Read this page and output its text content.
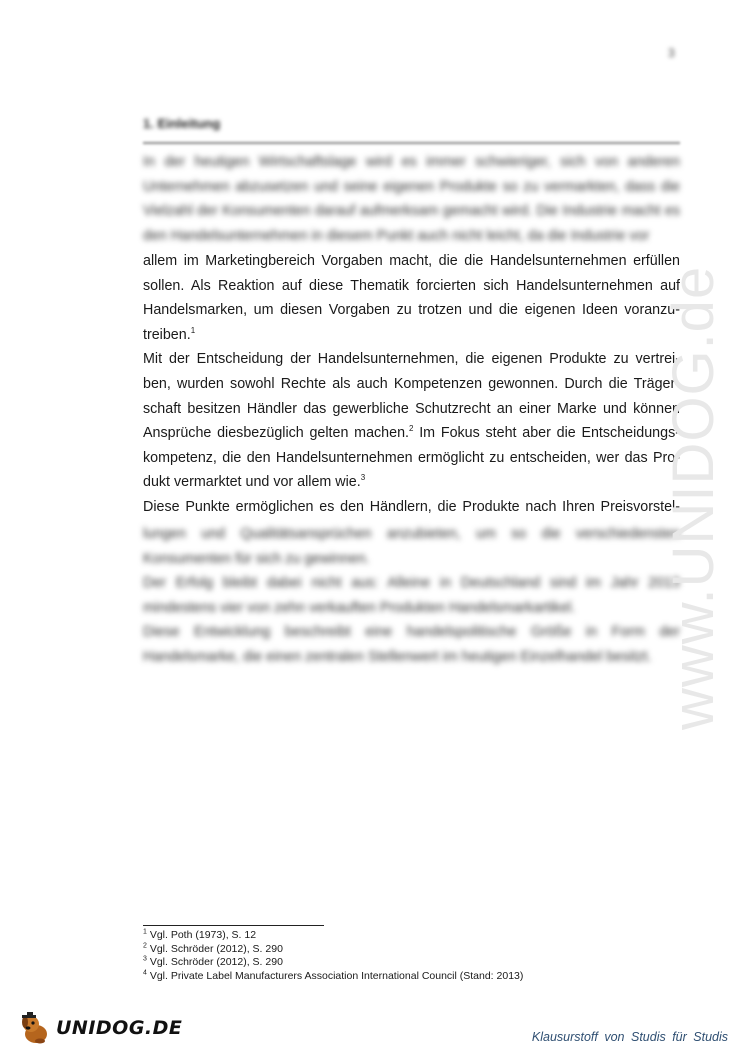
3
1. Einleitung
In der heutigen Wirtschaftslage wird es immer schwieriger, sich von anderen Unternehmen abzusetzen und seine eigenen Produkte so zu vermarkten, dass die Vielzahl der Konsumenten darauf aufmerksam gemacht wird. Die Industrie macht es den Handelsunternehmen in diesem Punkt auch nicht leicht, da die Industrie vor
allem im Marketingbereich Vorgaben macht, die die Handelsunternehmen erfüllen
sollen. Als Reaktion auf diese Thematik forcierten sich Handelsunternehmen auf
Handelsmarken, um diesen Vorgaben zu trotzen und die eigenen Ideen voranzu-
treiben.$^1$
Mit der Entscheidung der Handelsunternehmen, die eigenen Produkte zu vertrei-
ben, wurden sowohl Rechte als auch Kompetenzen gewonnen. Durch die Träger-
schaft besitzen Händler das gewerbliche Schutzrecht an einer Marke und können
Ansprüche diesbezüglich gelten machen.$^2$ Im Fokus steht aber die Entscheidungs-
kompetenz, die den Handelsunternehmen ermöglicht zu entscheiden, wer das Pro-
dukt vermarktet und vor allem wie.$^3$
Diese Punkte ermöglichen es den Händlern, die Produkte nach Ihren Preisvorstel-
lungen und Qualitätsansprüchen anzubieten, um so die verschiedensten Konsumenten für sich zu gewinnen.
Der Erfolg bleibt dabei nicht aus: Alleine in Deutschland sind im Jahr 2013 mindestens vier von zehn verkauften Produkten Handelsmarkartikel.
Diese Entwicklung beschreibt eine handelspolitische Größe in Form der Handelsmarke, die einen zentralen Stellenwert im heutigen Einzelhandel besitzt. www.UNIDOG.de
$^1$ Vgl. Poth (1973), S. 12
$^2$ Vgl. Schröder (2012), S. 290
$^3$ Vgl. Schröder (2012), S. 290
$^4$ Vgl. Private Label Manufacturers Association International Council (Stand: 2013)
UNIDOG.DE	Klausurstoff von Studis für Studis
